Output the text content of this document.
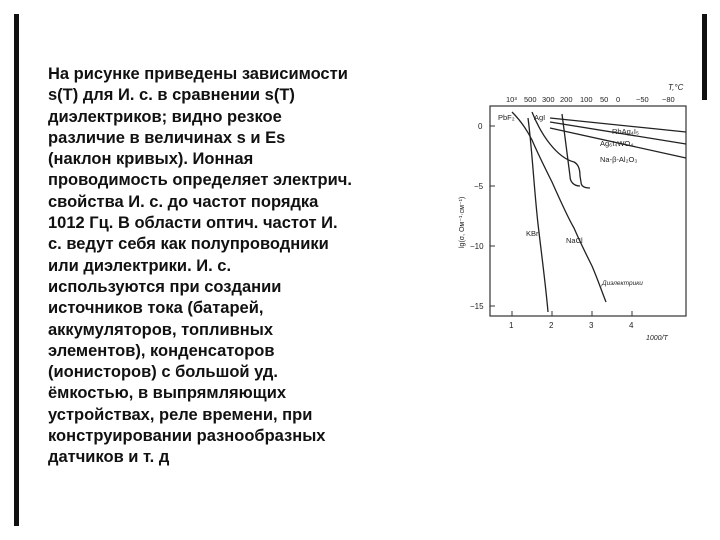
На рисунке приведены зависимости
s(T) для И. с. в сравнении s(T)
диэлектриков; видно резкое
различие в величинах s и Es
(наклон кривых). Ионная
проводимость определяет электрич.
свойства И. с. до частот порядка
1012 Гц. В области оптич. частот И.
с. ведут себя как полупроводники
или диэлектрики. И. с.
используются при создании
источников тока (батарей,
аккумуляторов, топливных
элементов), конденсаторов
(ионисторов) с большой уд.
ёмкостью, в выпрямляющих
устройствах, реле времени, при
конструировании разнообразных
датчиков и т. д
T,°C
10³ 500 300 200 100 50 0 −50 −80
lg(σ, Ом⁻¹·см⁻¹)
0
−5
−10
−15
1	2	3	4
1000/T
PbF₂	AgI
RbAg₄I₅
Ag₆I₄WO₄
Na-β-Al₂O₃
KBr
NaCl
Диэлектрики
